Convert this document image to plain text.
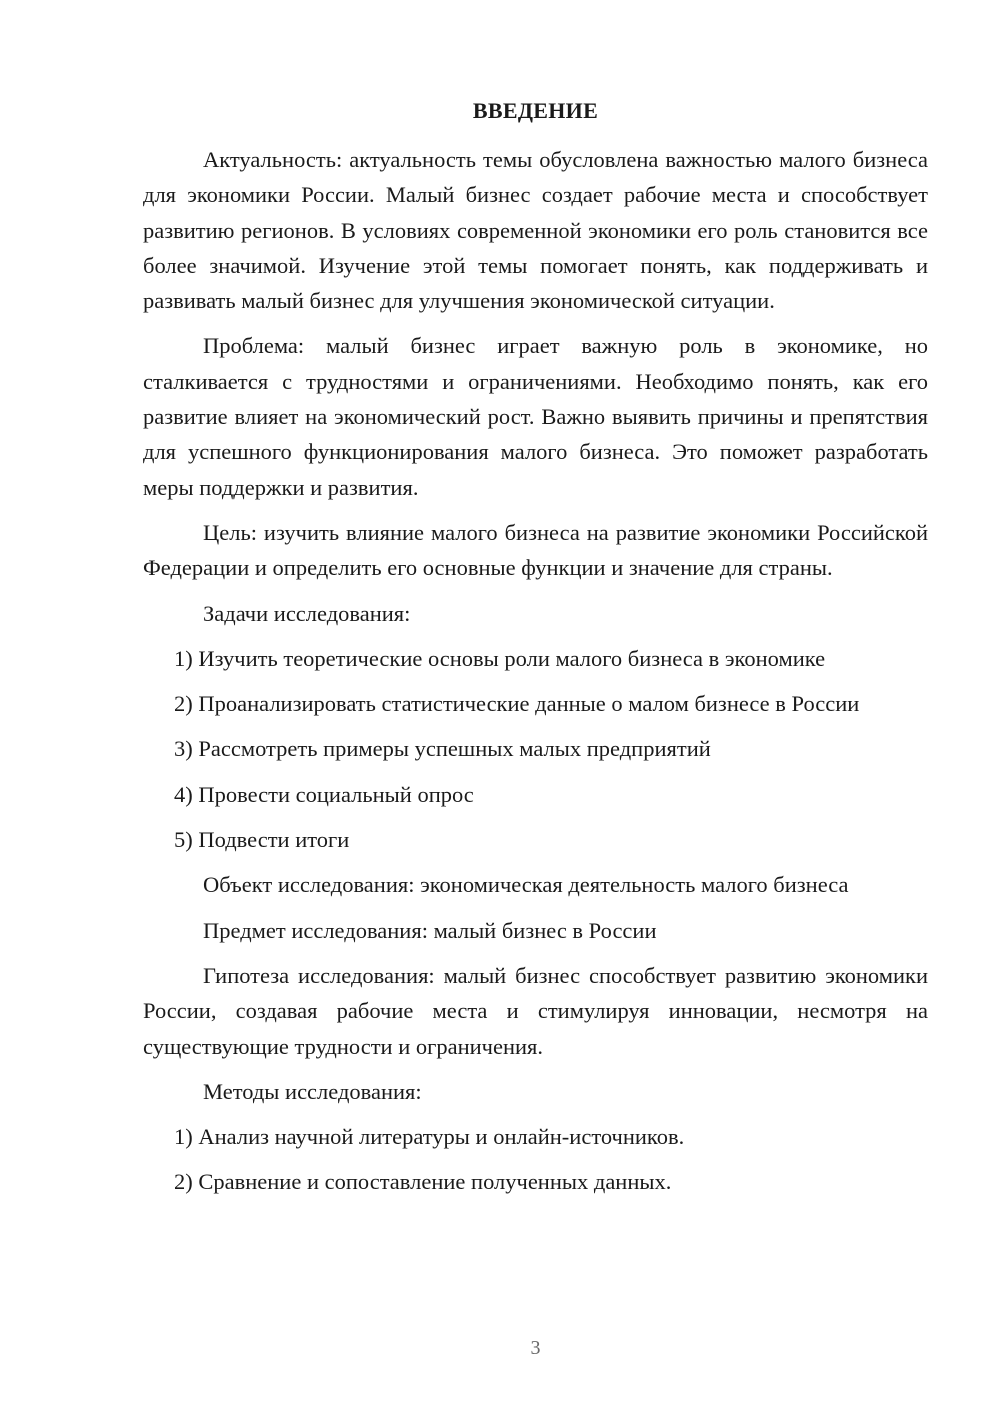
ВВЕДЕНИЕ

Актуальность: актуальность темы обусловлена важностью малого бизнеса для экономики России. Малый бизнес создает рабочие места и способствует развитию регионов. В условиях современной экономики его роль становится все более значимой. Изучение этой темы помогает понять, как поддерживать и развивать малый бизнес для улучшения экономической ситуации.

Проблема: малый бизнес играет важную роль в экономике, но сталкивается с трудностями и ограничениями. Необходимо понять, как его развитие влияет на экономический рост. Важно выявить причины и препятствия для успешного функционирования малого бизнеса. Это поможет разработать меры поддержки и развития.

Цель: изучить влияние малого бизнеса на развитие экономики Российской Федерации и определить его основные функции и значение для страны.

Задачи исследования:

1) Изучить теоретические основы роли малого бизнеса в экономике

2) Проанализировать статистические данные о малом бизнесе в России

3) Рассмотреть примеры успешных малых предприятий

4) Провести социальный опрос

5) Подвести итоги

Объект исследования: экономическая деятельность малого бизнеса

Предмет исследования: малый бизнес в России

Гипотеза исследования: малый бизнес способствует развитию экономики России, создавая рабочие места и стимулируя инновации, несмотря на существующие трудности и ограничения.

Методы исследования:

1) Анализ научной литературы и онлайн-источников.

2) Сравнение и сопоставление полученных данных.

3
